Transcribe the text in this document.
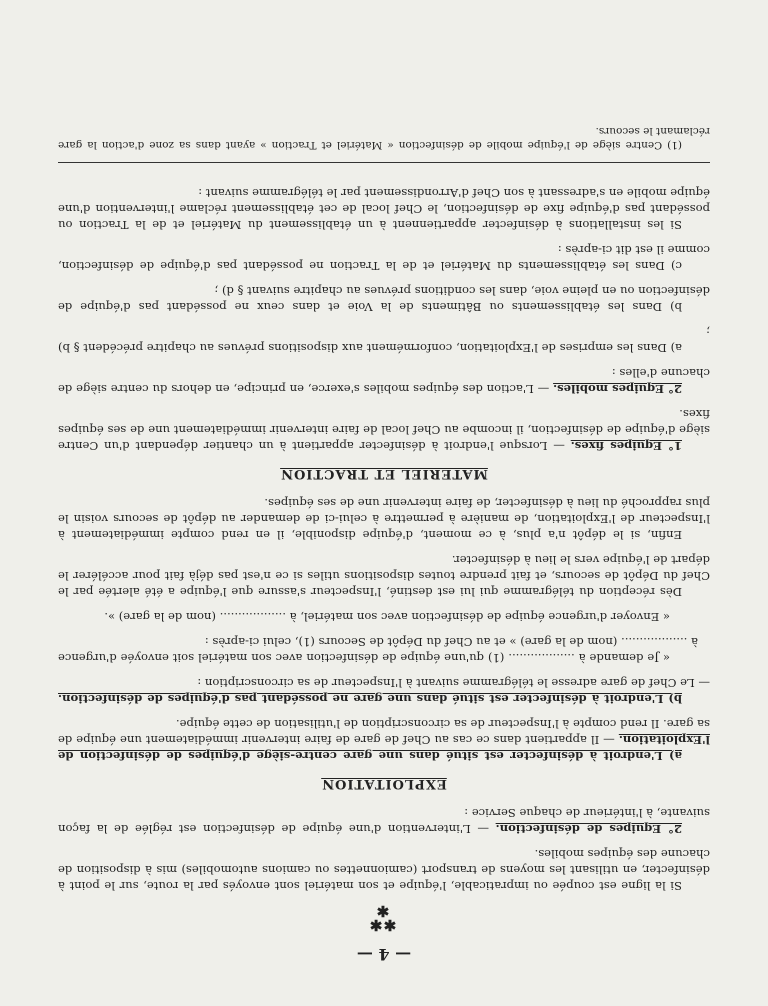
— 4 —
✱ ✱
✱

Si la ligne est coupée ou impraticable, l'équipe et son matériel sont envoyés par la route, sur le point à désinfecter, en utilisant les moyens de transport (camionnettes ou camions automobiles) mis à disposition de chacune des équipes mobiles.

2° Equipes de désinfection. — L'intervention d'une équipe de désinfection est réglée de la façon suivante, à l'intérieur de chaque Service :

EXPLOITATION

a) L'endroit à désinfecter est situé dans une gare centre-siège d'équipes de désinfection de l'Exploitation. — Il appartient dans ce cas au Chef de gare de faire intervenir immédiatement une équipe de sa gare. Il rend compte à l'Inspecteur de sa circonscription de l'utilisation de cette équipe.

b) L'endroit à désinfecter est situé dans une gare ne possédant pas d'équipes de désinfection. — Le Chef de gare adresse le télégramme suivant à l'Inspecteur de sa circonscription :

« Je demande à .................. (1) qu'une équipe de désinfection avec son matériel soit envoyée d'urgence à .................. (nom de la gare) » et au Chef du Dépôt de Secours (1), celui ci-après :

« Envoyer d'urgence équipe de désinfection avec son matériel, à .................. (nom de la gare) ».

Dès réception du télégramme qui lui est destiné, l'Inspecteur s'assure que l'équipe a été alertée par le Chef du Dépôt de secours, et fait prendre toutes dispositions utiles si ce n'est pas déjà fait pour accélérer le départ de l'équipe vers le lieu à désinfecter.

Enfin, si le dépôt n'a plus, à ce moment, d'équipe disponible, il en rend compte immédiatement à l'Inspecteur de l'Exploitation, de manière à permettre à celui-ci de demander au dépôt de secours voisin le plus rapproché du lieu à désinfecter, de faire intervenir une de ses équipes.

MATERIEL ET TRACTION

1° Equipes fixes. — Lorsque l'endroit à désinfecter appartient à un chantier dépendant d'un Centre siège d'équipe de désinfection, il incombe au Chef local de faire intervenir immédiatement une de ses équipes fixes.

2° Equipes mobiles. — L'action des équipes mobiles s'exerce, en principe, en dehors du centre siège de chacune d'elles :

a) Dans les emprises de l'Exploitation, conformément aux dispositions prévues au chapitre précédent § b) ;

b) Dans les établissements ou Bâtiments de la Voie et dans ceux ne possédant pas d'équipe de désinfection ou en pleine voie, dans les conditions prévues au chapitre suivant § d) ;

c) Dans les établissements du Matériel et de la Traction ne possédant pas d'équipe de désinfection, comme il est dit ci-après :

Si les installations à désinfecter appartiennent à un établissement du Matériel et de la Traction ou possédant pas d'équipe fixe de désinfection, le Chef local de cet établissement réclame l'intervention d'une équipe mobile en s'adressant à son Chef d'Arrondissement par le télégramme suivant :

(1) Centre siège de l'équipe mobile de désinfection « Matériel et Traction » ayant dans sa zone d'action la gare réclamant le secours.
